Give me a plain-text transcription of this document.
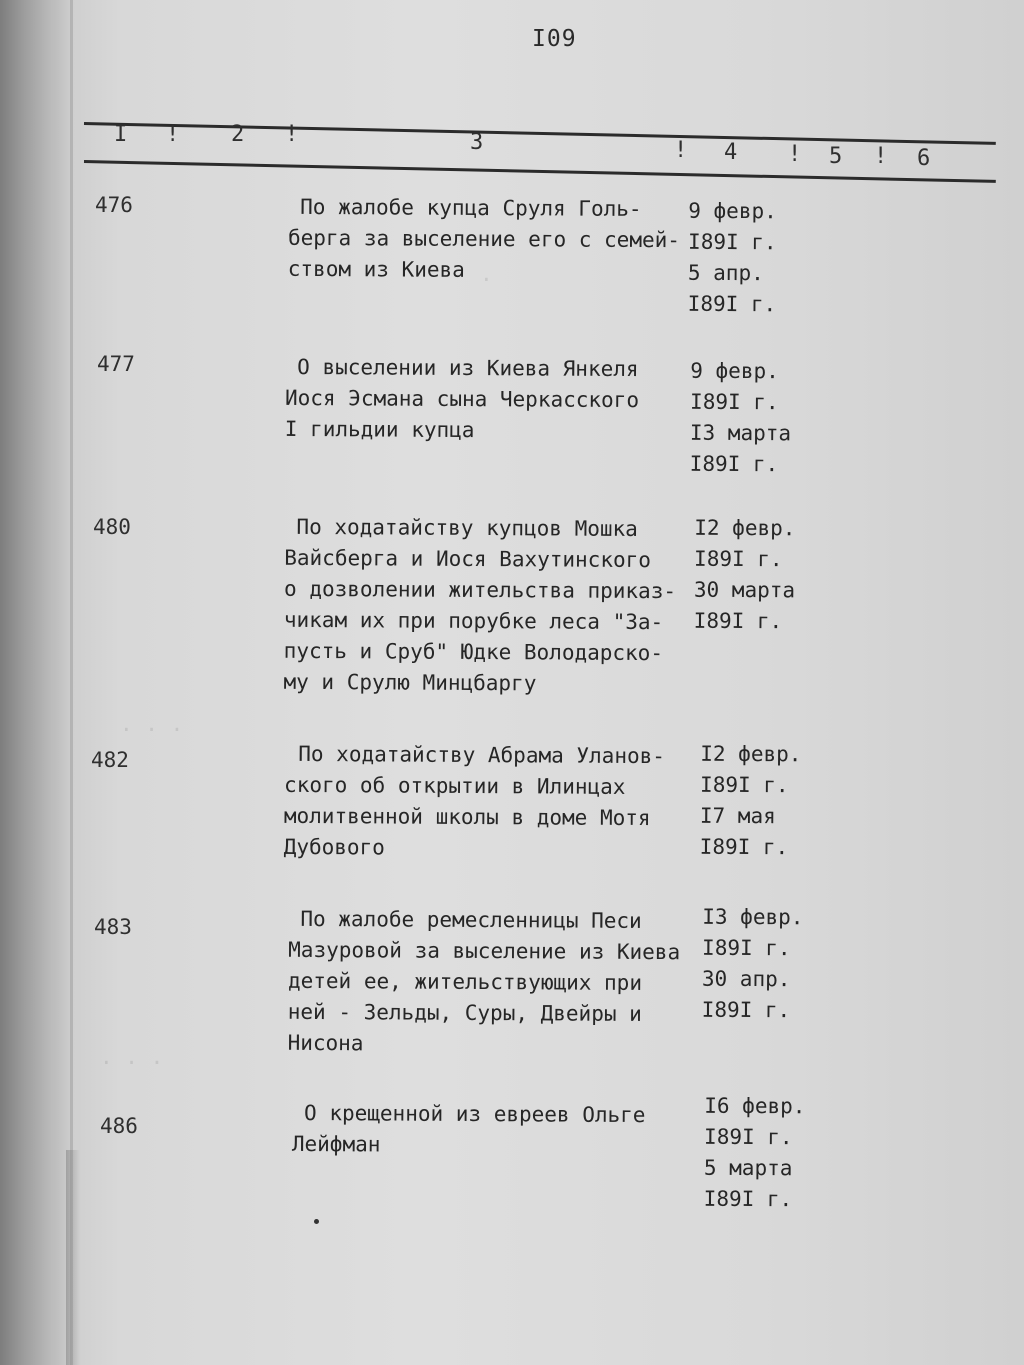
I09
I ! 2 !	3	! 4 ! 5 ! 6
.
476	По жалобе купца Сруля Голь-
берга за выселение его с семей-
ством из Киева
9 февр.
I89I г.
5 апр.
I89I г.
477	О выселении из Киева Янкеля
Иося Эсмана сына Черкасского
I гильдии купца
9 февр.
I89I г.
I3 марта
I89I г.
480	По ходатайству купцов Мошка
Вайсберга и Иося Вахутинского
о дозволении жительства приказ-
чикам их при порубке леса "За-
пусть и Сруб" Юдке Володарско-
му и Срулю Минцбаргу
I2 февр.
I89I г.
30 марта
I89I г.
. . .
482	По ходатайству Абрама Уланов-
ского об открытии в Илинцах
молитвенной школы в доме Мотя
Дубового
I2 февр.
I89I г.
I7 мая
I89I г.
483	По жалобе ремесленницы Песи
Мазуровой за выселение из Киева
детей ее, жительствующих при
ней - Зельды, Суры, Двейры и
Нисона
I3 февр.
I89I г.
30 апр.
I89I г.
. . .
486	О крещенной из евреев Ольге
Лейфман
I6 февр.
I89I г.
5 марта
I89I г.
